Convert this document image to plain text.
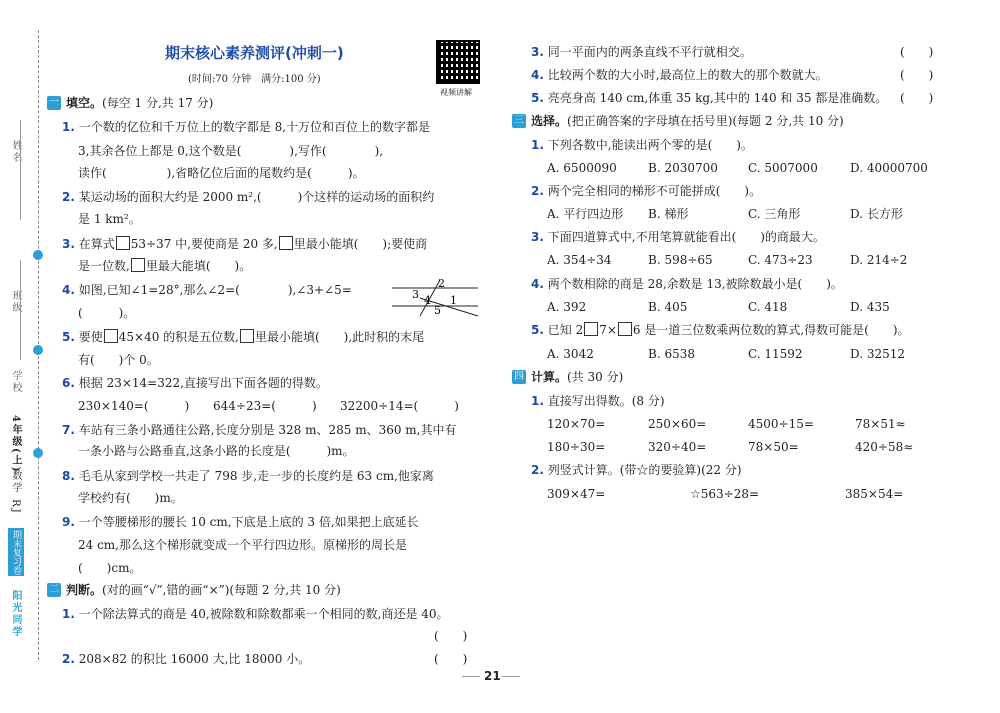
姓名
班级
学校
4年级(上)
数学 RJ
期末复习卷
阳光同学
期末核心素养测评(冲刺一)
(时间:70 分钟　满分:100 分)
视频讲解
一 填空。(每空 1 分,共 17 分)
1. 一个数的亿位和千万位上的数字都是 8,十万位和百位上的数字都是
3,其余各位上都是 0,这个数是(　　　　),写作(　　　　),
读作(　　　　　),省略亿位后面的尾数约是(　　　)。
2. 某运动场的面积大约是 2000 m²,(　　　)个这样的运动场的面积约
是 1 km²。
3. 在算式 53÷37 中,要使商是 20 多, 里最小能填(　　);要使商
是一位数, 里最大能填(　　)。
4. 如图,已知∠1=28°,那么∠2=(　　　　),∠3+∠5=
(　　　)。
3
2
4
5
1
5. 要使 45×40 的积是五位数, 里最小能填(　　),此时积的末尾
有(　　)个 0。
6. 根据 23×14=322,直接写出下面各题的得数。
230×140=(　　　) 644÷23=(　　　) 32200÷14=(　　　)
7. 车站有三条小路通往公路,长度分别是 328 m、285 m、360 m,其中有
一条小路与公路垂直,这条小路的长度是(　　　)m。
8. 毛毛从家到学校一共走了 798 步,走一步的长度约是 63 cm,他家离
学校约有(　　)m。
9. 一个等腰梯形的腰长 10 cm,下底是上底的 3 倍,如果把上底延长
24 cm,那么这个梯形就变成一个平行四边形。原梯形的周长是
(　　)cm。
二 判断。(对的画“√”,错的画“×”)(每题 2 分,共 10 分)
1. 一个除法算式的商是 40,被除数和除数都乘一个相同的数,商还是 40。
(　　)
2. 208×82 的积比 16000 大,比 18000 小。	(　　)
3. 同一平面内的两条直线不平行就相交。	(　　)
4. 比较两个数的大小时,最高位上的数大的那个数就大。	(　　)
5. 亮亮身高 140 cm,体重 35 kg,其中的 140 和 35 都是准确数。 (　　)
三 选择。(把正确答案的字母填在括号里)(每题 2 分,共 10 分)
1. 下列各数中,能读出两个零的是(　　)。
A. 6500090	B. 2030700	C. 5007000	D. 40000700
2. 两个完全相同的梯形不可能拼成(　　)。
A. 平行四边形 B. 梯形	C. 三角形	D. 长方形
3. 下面四道算式中,不用笔算就能看出(　　)的商最大。
A. 354÷34	B. 598÷65	C. 473÷23	D. 214÷2
4. 两个数相除的商是 28,余数是 13,被除数最小是(　　)。
A. 392	B. 405	C. 418	D. 435
5. 已知 2 7× 6 是一道三位数乘两位数的算式,得数可能是(　　)。
A. 3042	B. 6538	C. 11592	D. 32512
四 计算。(共 30 分)
1. 直接写出得数。(8 分)
120×70=	250×60=	4500÷15=	78×51≈
180÷30=	320÷40=	78×50=	420÷58≈
2. 列竖式计算。(带☆的要验算)(22 分)
309×47=	☆563÷28=	385×54=
21
